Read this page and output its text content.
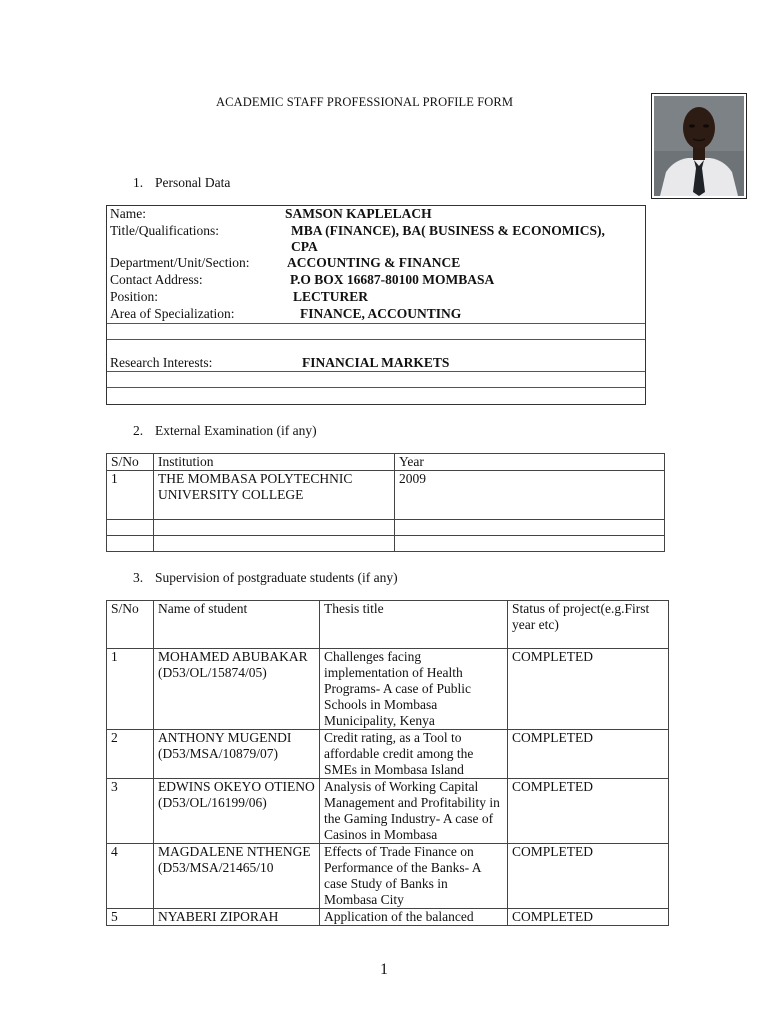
ACADEMIC STAFF PROFESSIONAL PROFILE FORM
1. Personal Data
Name:	SAMSON KAPLELACH
Title/Qualifications:	MBA (FINANCE), BA( BUSINESS & ECONOMICS),
CPA
Department/Unit/Section:	ACCOUNTING & FINANCE
Contact Address:	P.O BOX 16687-80100 MOMBASA
Position:	LECTURER
Area of Specialization:	FINANCE, ACCOUNTING
Research Interests:	FINANCIAL MARKETS
2. External Examination (if any)
S/No	Institution	Year
1	THE MOMBASA POLYTECHNIC UNIVERSITY COLLEGE	2009

3. Supervision of postgraduate students (if any)
S/No	Name of student	Thesis title	Status of project(e.g.First year etc)
1	MOHAMED ABUBAKAR (D53/OL/15874/05)	Challenges facing implementation of Health Programs- A case of Public Schools in Mombasa Municipality, Kenya	COMPLETED
2	ANTHONY MUGENDI (D53/MSA/10879/07)	Credit rating, as a Tool to affordable credit among the SMEs in Mombasa Island	COMPLETED
3	EDWINS OKEYO OTIENO (D53/OL/16199/06)	Analysis of Working Capital Management and Profitability in the Gaming Industry- A case of Casinos in Mombasa	COMPLETED
4	MAGDALENE NTHENGE (D53/MSA/21465/10	Effects of Trade Finance on Performance of the Banks- A case Study of Banks in Mombasa City	COMPLETED
5	NYABERI ZIPORAH	Application of the balanced	COMPLETED
1
